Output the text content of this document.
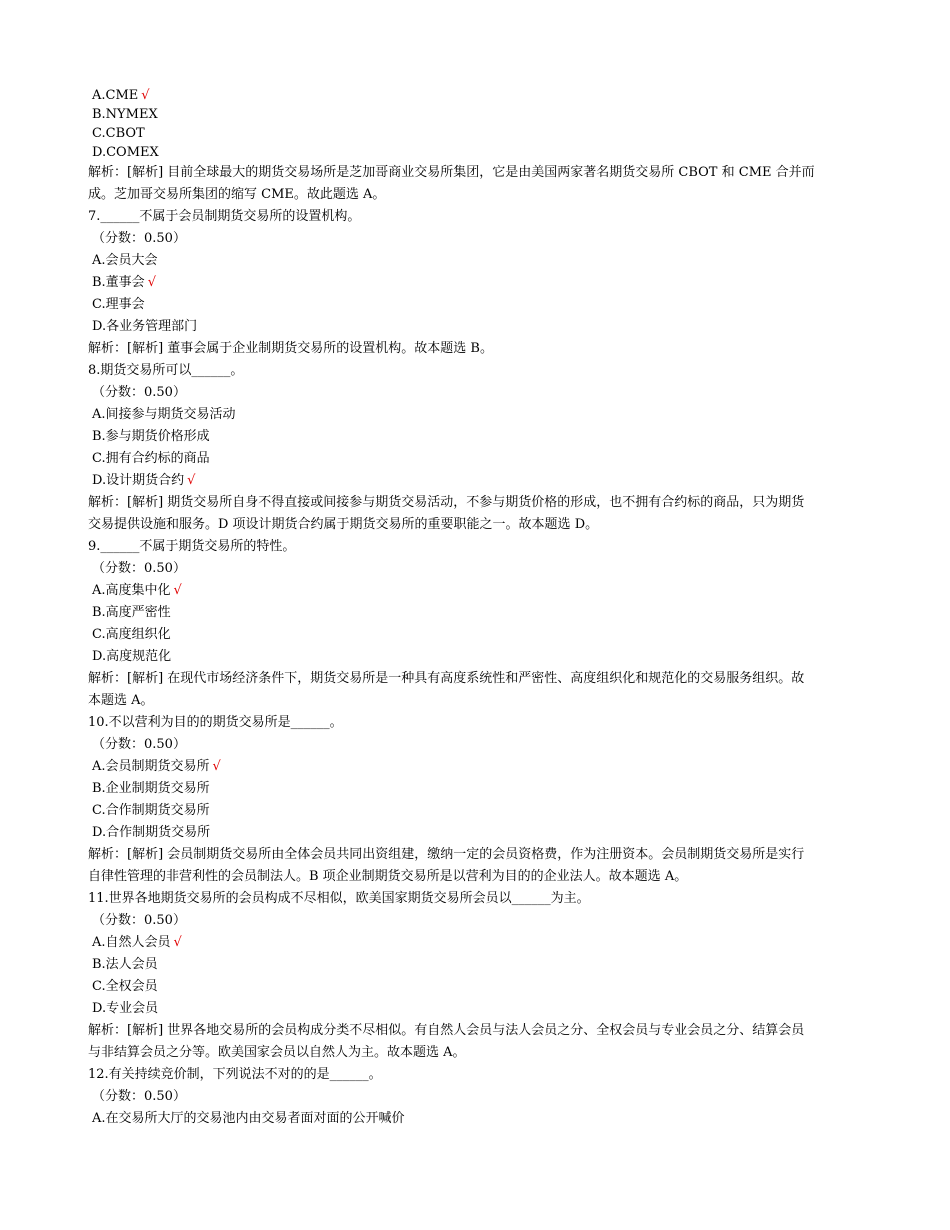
A.CME √
B.NYMEX
C.CBOT
D.COMEX
解析：[解析] 目前全球最大的期货交易场所是芝加哥商业交易所集团，它是由美国两家著名期货交易所 CBOT 和 CME 合并而
成。芝加哥交易所集团的缩写 CME。故此题选 A。
7.______不属于会员制期货交易所的设置机构。
（分数：0.50）
A.会员大会
B.董事会 √
C.理事会
D.各业务管理部门
解析：[解析] 董事会属于企业制期货交易所的设置机构。故本题选 B。
8.期货交易所可以______。
（分数：0.50）
A.间接参与期货交易活动
B.参与期货价格形成
C.拥有合约标的商品
D.设计期货合约 √
解析：[解析] 期货交易所自身不得直接或间接参与期货交易活动，不参与期货价格的形成，也不拥有合约标的商品，只为期货
交易提供设施和服务。D 项设计期货合约属于期货交易所的重要职能之一。故本题选 D。
9.______不属于期货交易所的特性。
（分数：0.50）
A.高度集中化 √
B.高度严密性
C.高度组织化
D.高度规范化
解析：[解析] 在现代市场经济条件下，期货交易所是一种具有高度系统性和严密性、高度组织化和规范化的交易服务组织。故
本题选 A。
10.不以营利为目的的期货交易所是______。
（分数：0.50）
A.会员制期货交易所 √
B.企业制期货交易所
C.合作制期货交易所
D.合作制期货交易所
解析：[解析] 会员制期货交易所由全体会员共同出资组建，缴纳一定的会员资格费，作为注册资本。会员制期货交易所是实行
自律性管理的非营利性的会员制法人。B 项企业制期货交易所是以营利为目的的企业法人。故本题选 A。
11.世界各地期货交易所的会员构成不尽相似，欧美国家期货交易所会员以______为主。
（分数：0.50）
A.自然人会员 √
B.法人会员
C.全权会员
D.专业会员
解析：[解析] 世界各地交易所的会员构成分类不尽相似。有自然人会员与法人会员之分、全权会员与专业会员之分、结算会员
与非结算会员之分等。欧美国家会员以自然人为主。故本题选 A。
12.有关持续竞价制，下列说法不对的的是______。
（分数：0.50）
A.在交易所大厅的交易池内由交易者面对面的公开喊价
